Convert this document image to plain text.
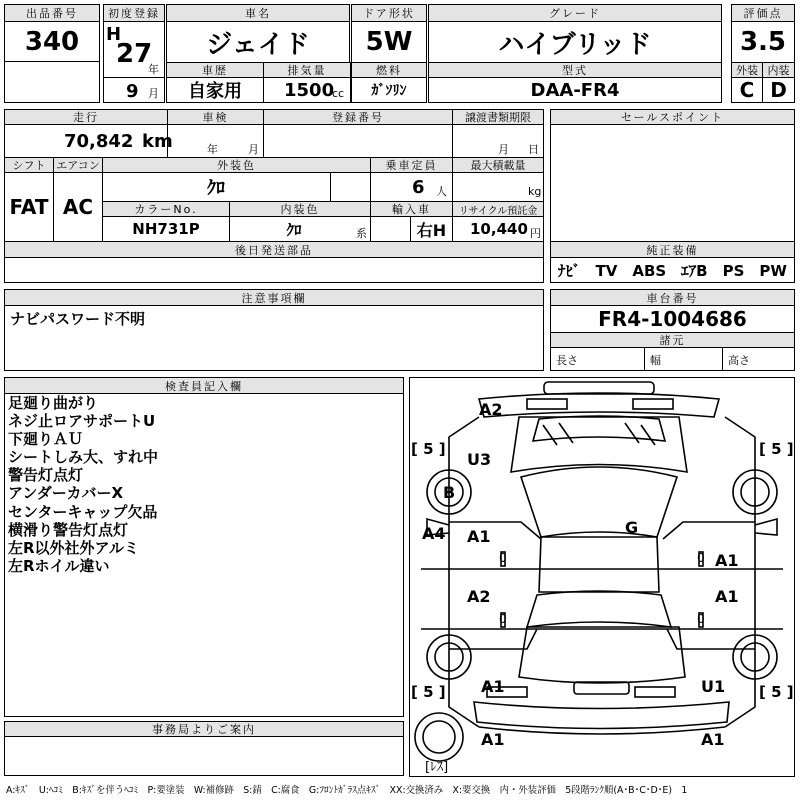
出品番号
340
初度登録
H
27
年
9 月
車名
ジェイド
ドア形状
5W
グレード
ハイブリッド
評価点
3.5
車歴
自家用
排気量
1500
cc
燃料
ｶﾞｿﾘﾝ
型式
DAA-FR4
外装 内装
C D
走行
70,842 km
車検
年	月
登録番号	譲渡書類期限
月 日
シフト
FAT
エアコン
AC
外装色
ｸﾛ
乗車定員
6 人
最大積載量
kg
カラーNo.
NH731P
内装色
ｸﾛ	系
輸入車
右H
リサイクル預託金
10,440 円
後日発送部品
セールスポイント
純正装備
ﾅﾋﾞ　TV　ABS　ｴｱB　PS　PW
注意事項欄
ナビパスワード不明
車台番号
FR4-1004686
諸元
長さ	幅	高さ
検査員記入欄
足廻り曲がり
ネジ止ロアサポートU
下廻りＡＵ
シートしみ大、すれ中
警告灯点灯
アンダーカバーX
センターキャップ欠品
横滑り警告灯点灯
左R以外社外アルミ
左Rホイル違い
事務局よりご案内
A2
U3
B
G
A4 A1
A1
A1
A2
A1	U1
A1	A1
[ 5 ]	[ 5 ]
[ 5 ]	[ 5 ]
0
0
0
0
[ﾚｽ]
A:ｷｽﾞ　U:ﾍｺﾐ　B:ｷｽﾞを伴うﾍｺﾐ　P:要塗装　W:補修跡　S:錆　C:腐食　G:ﾌﾛﾝﾄｶﾞﾗｽ点ｷｽﾞ　XX:交換済み　X:要交換　内・外装評価　5段階ﾗﾝｸ順(A･B･C･D･E)　1
